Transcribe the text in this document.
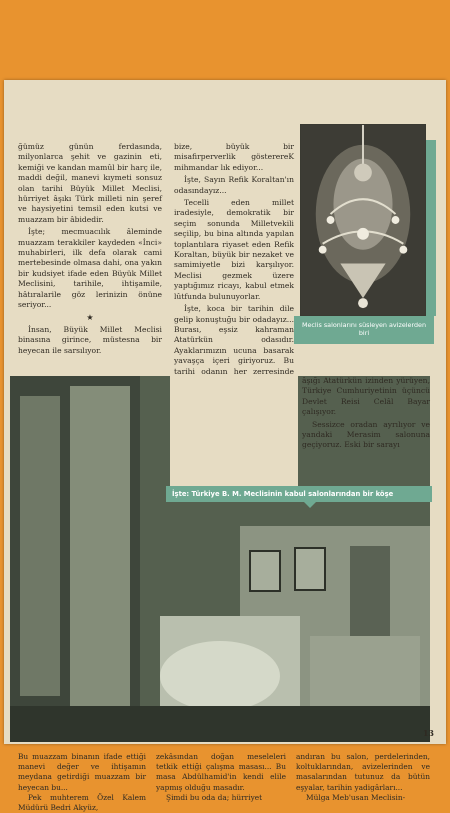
ğümüz günün ferdasında, milyonlarca şehit ve gazinin eti, kemiği ve kandan mamûl bir harç ile, maddi değil, manevi kıymeti sonsuz olan tarihi Büyük Millet Meclisi, hürriyet âşıkı Türk milleti nin şeref ve haysiyetini temsil eden kutsi ve muazzam bir âbidedir.

İşte; mecmuacılık âleminde muazzam terakkiler kaydeden «İnci» muhabirleri, ilk defa olarak cami mertebesinde olmasa dahi, ona yakın bir kudsiyet ifade eden Büyük Millet Meclisini, tarihile, ihtişamile, hâtıralarile göz lerinizin önüne seriyor...

★

İnsan, Büyük Millet Meclisi binasına girince, müstesna bir heyecan ile sarsılıyor.

bize, büyük bir misafirperverlik gösterereK mihmandar lık ediyor...

İşte, Sayın Refik Koraltan'ın odasındayız...

Tecelli eden millet iradesiyle, demokratik bir seçim sonunda Milletvekili seçilip, bu bina altında yapılan toplantılara riyaset eden Refik Koraltan, büyük bir nezaket ve samimiyetle bizi karşılıyor. Meclisi gezmek üzere yaptığımız ricayı, kabul etmek lûtfunda bulunuyorlar.

İşte, koca bir tarihin dile gelip konuştuğu bir odadayız... Burası, eşsiz kahraman Atatürkün odasıdır. Ayaklarımızın ucuna basarak yavaşça içeri giriyoruz. Bu tarihi odanın her zerresinde

Meclis salonlarını süsleyen avizelerden biri

âşığı Atatürkün izinden yürüyen, Türkiye Cumhuriyetinin üçüncü Devlet Reisi Celâl Bayar çalışıyor.

Sessizce oradan ayrılıyor ve yandaki Merasim salonuna geçiyoruz. Eski bir sarayı

İşte: Türkiye B. M. Meclisinin kabul salonlarından bir köşe

Bu muazzam binanın ifade ettiği manevi değer ve ihtişamın meydana getirdiği muazzam bir heyecan bu...

Pek muhterem Özel Kalem Müdürü Bedri Akyüz,

zekâsından doğan meseleleri tetkik ettiği çalışma masası... Bu masa Abdülhamid'in kendi elile yapmış olduğu masadır.

Şimdi bu oda da; hürriyet

andıran bu salon, perdelerinden, koltuklarından, avizelerinden ve masalarından tutunuz da bütün eşyalar, tarihin yadigârları...

Mülga Meb'usan Meclisin-

13
